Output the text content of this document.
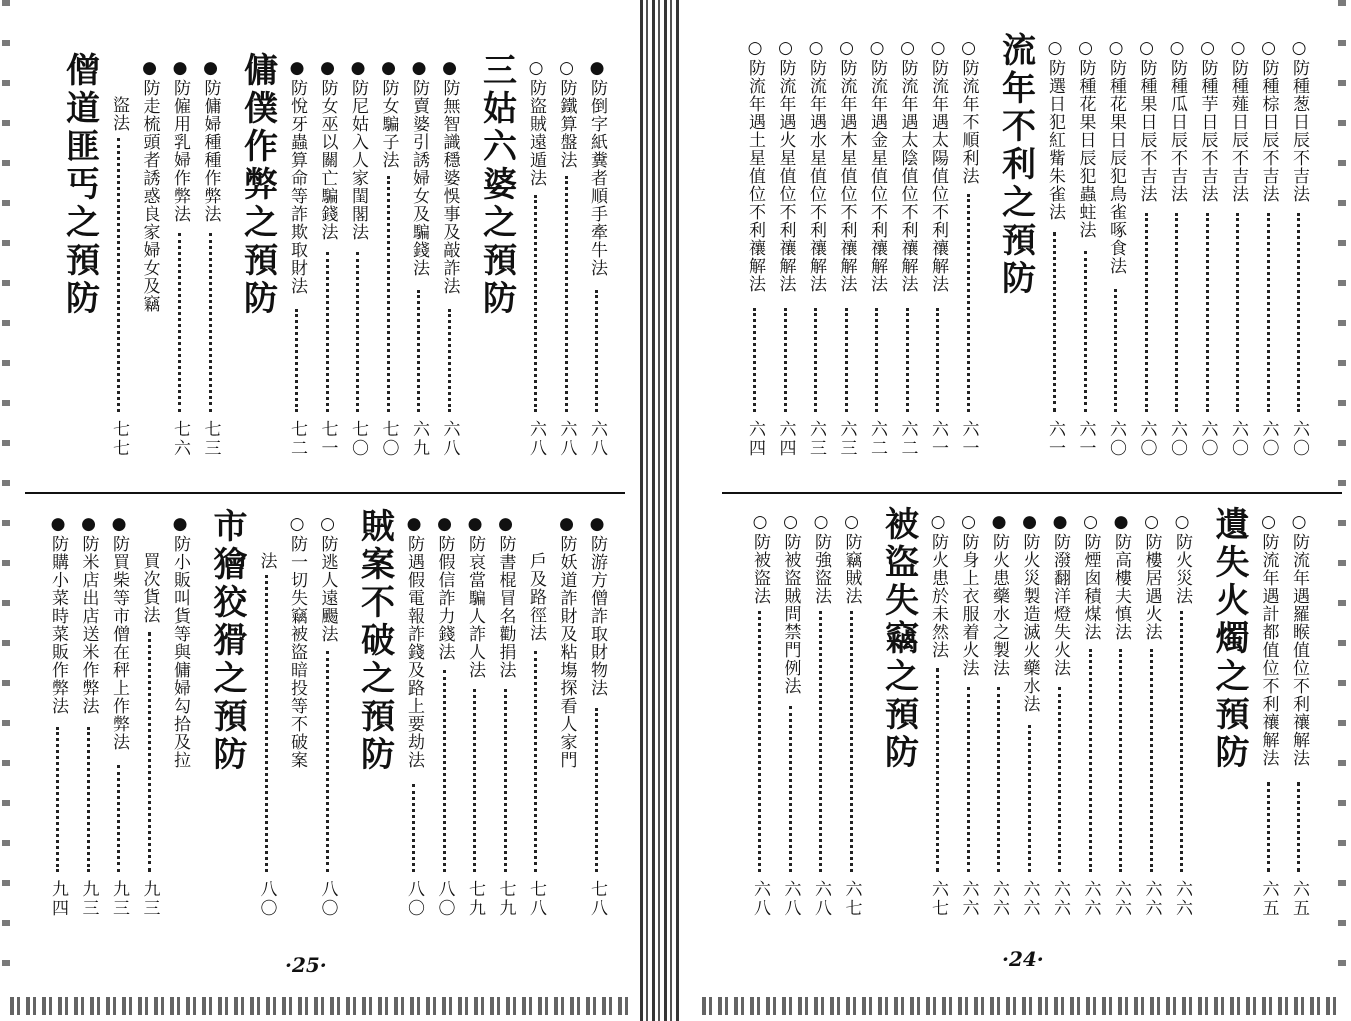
○防種葱日辰不吉法
六〇
○防種棕日辰不吉法
六〇
○防種薤日辰不吉法
六〇
○防種芋日辰不吉法
六〇
○防種瓜日辰不吉法
六〇
○防種果日辰不吉法
六〇
○防種花果日辰犯鳥雀啄食法
六〇
○防種花果日辰犯蟲蛀法
六一
○防選日犯紅觜朱雀法
六一
流年不利之預防
○防流年不順利法
六一
○防流年遇太陽值位不利禳解法
六一
○防流年遇太陰值位不利禳解法
六二
○防流年遇金星值位不利禳解法
六二
○防流年遇木星值位不利禳解法
六三
○防流年遇水星值位不利禳解法
六三
○防流年遇火星值位不利禳解法
六四
○防流年遇土星值位不利禳解法
六四
○防流年遇羅睺值位不利禳解法
六五
○防流年遇計都值位不利禳解法
六五
遺失火燭之預防
○防火災法
六六
○防樓居遇火法
六六
●防高樓夫慎法
六六
○防煙囱積煤法
六六
●防潑翻洋燈失火法
六六
●防火災製造滅火藥水法
六六
●防火患藥水之製法
六六
○防身上衣服着火法
六六
○防火患於未然法
六七
被盜失竊之預防
○防竊賊法
六七
○防強盜法
六八
○防被盜賊問禁門例法
六八
○防被盜法
六八
·24·
●防倒字紙糞者順手牽牛法
六八
○防鐵算盤法
六八
○防盜賊遠遁法
六八
三姑六婆之預防
●防無智識穩婆悞事及敲詐法
六八
●防賣婆引誘婦女及騙錢法
六九
●防女騙子法
七〇
●防尼姑入人家閨閣法
七〇
●防女巫以關亡騙錢法
七一
●防悅牙蟲算命等詐欺取財法
七二
傭僕作弊之預防
●防傭婦種種作弊法
七三
●防僱用乳婦作弊法
七六
●防走梳頭者誘惑良家婦女及竊
盜法
七七
僧道匪丐之預防
●防游方僧詐取財物法
七八
●防妖道詐財及粘塲探看人家門
戶及路徑法
七八
●防書棍冒名勸捐法
七九
●防哀當騙人詐人法
七九
●防假信詐力錢法
八〇
●防遇假電報詐錢及路上要劫法
八〇
賊案不破之預防
○防逃人遠颺法
八〇
○防一切失竊被盜暗投等不破案
法
八〇
市獪狡猾之預防
●防小販叫貨等與傭婦勾拾及拉
買次貨法
九三
●防買柴等市僧在秤上作弊法
九三
●防米店出店送米作弊法
九三
●防購小菜時菜販作弊法
九四
·25·
